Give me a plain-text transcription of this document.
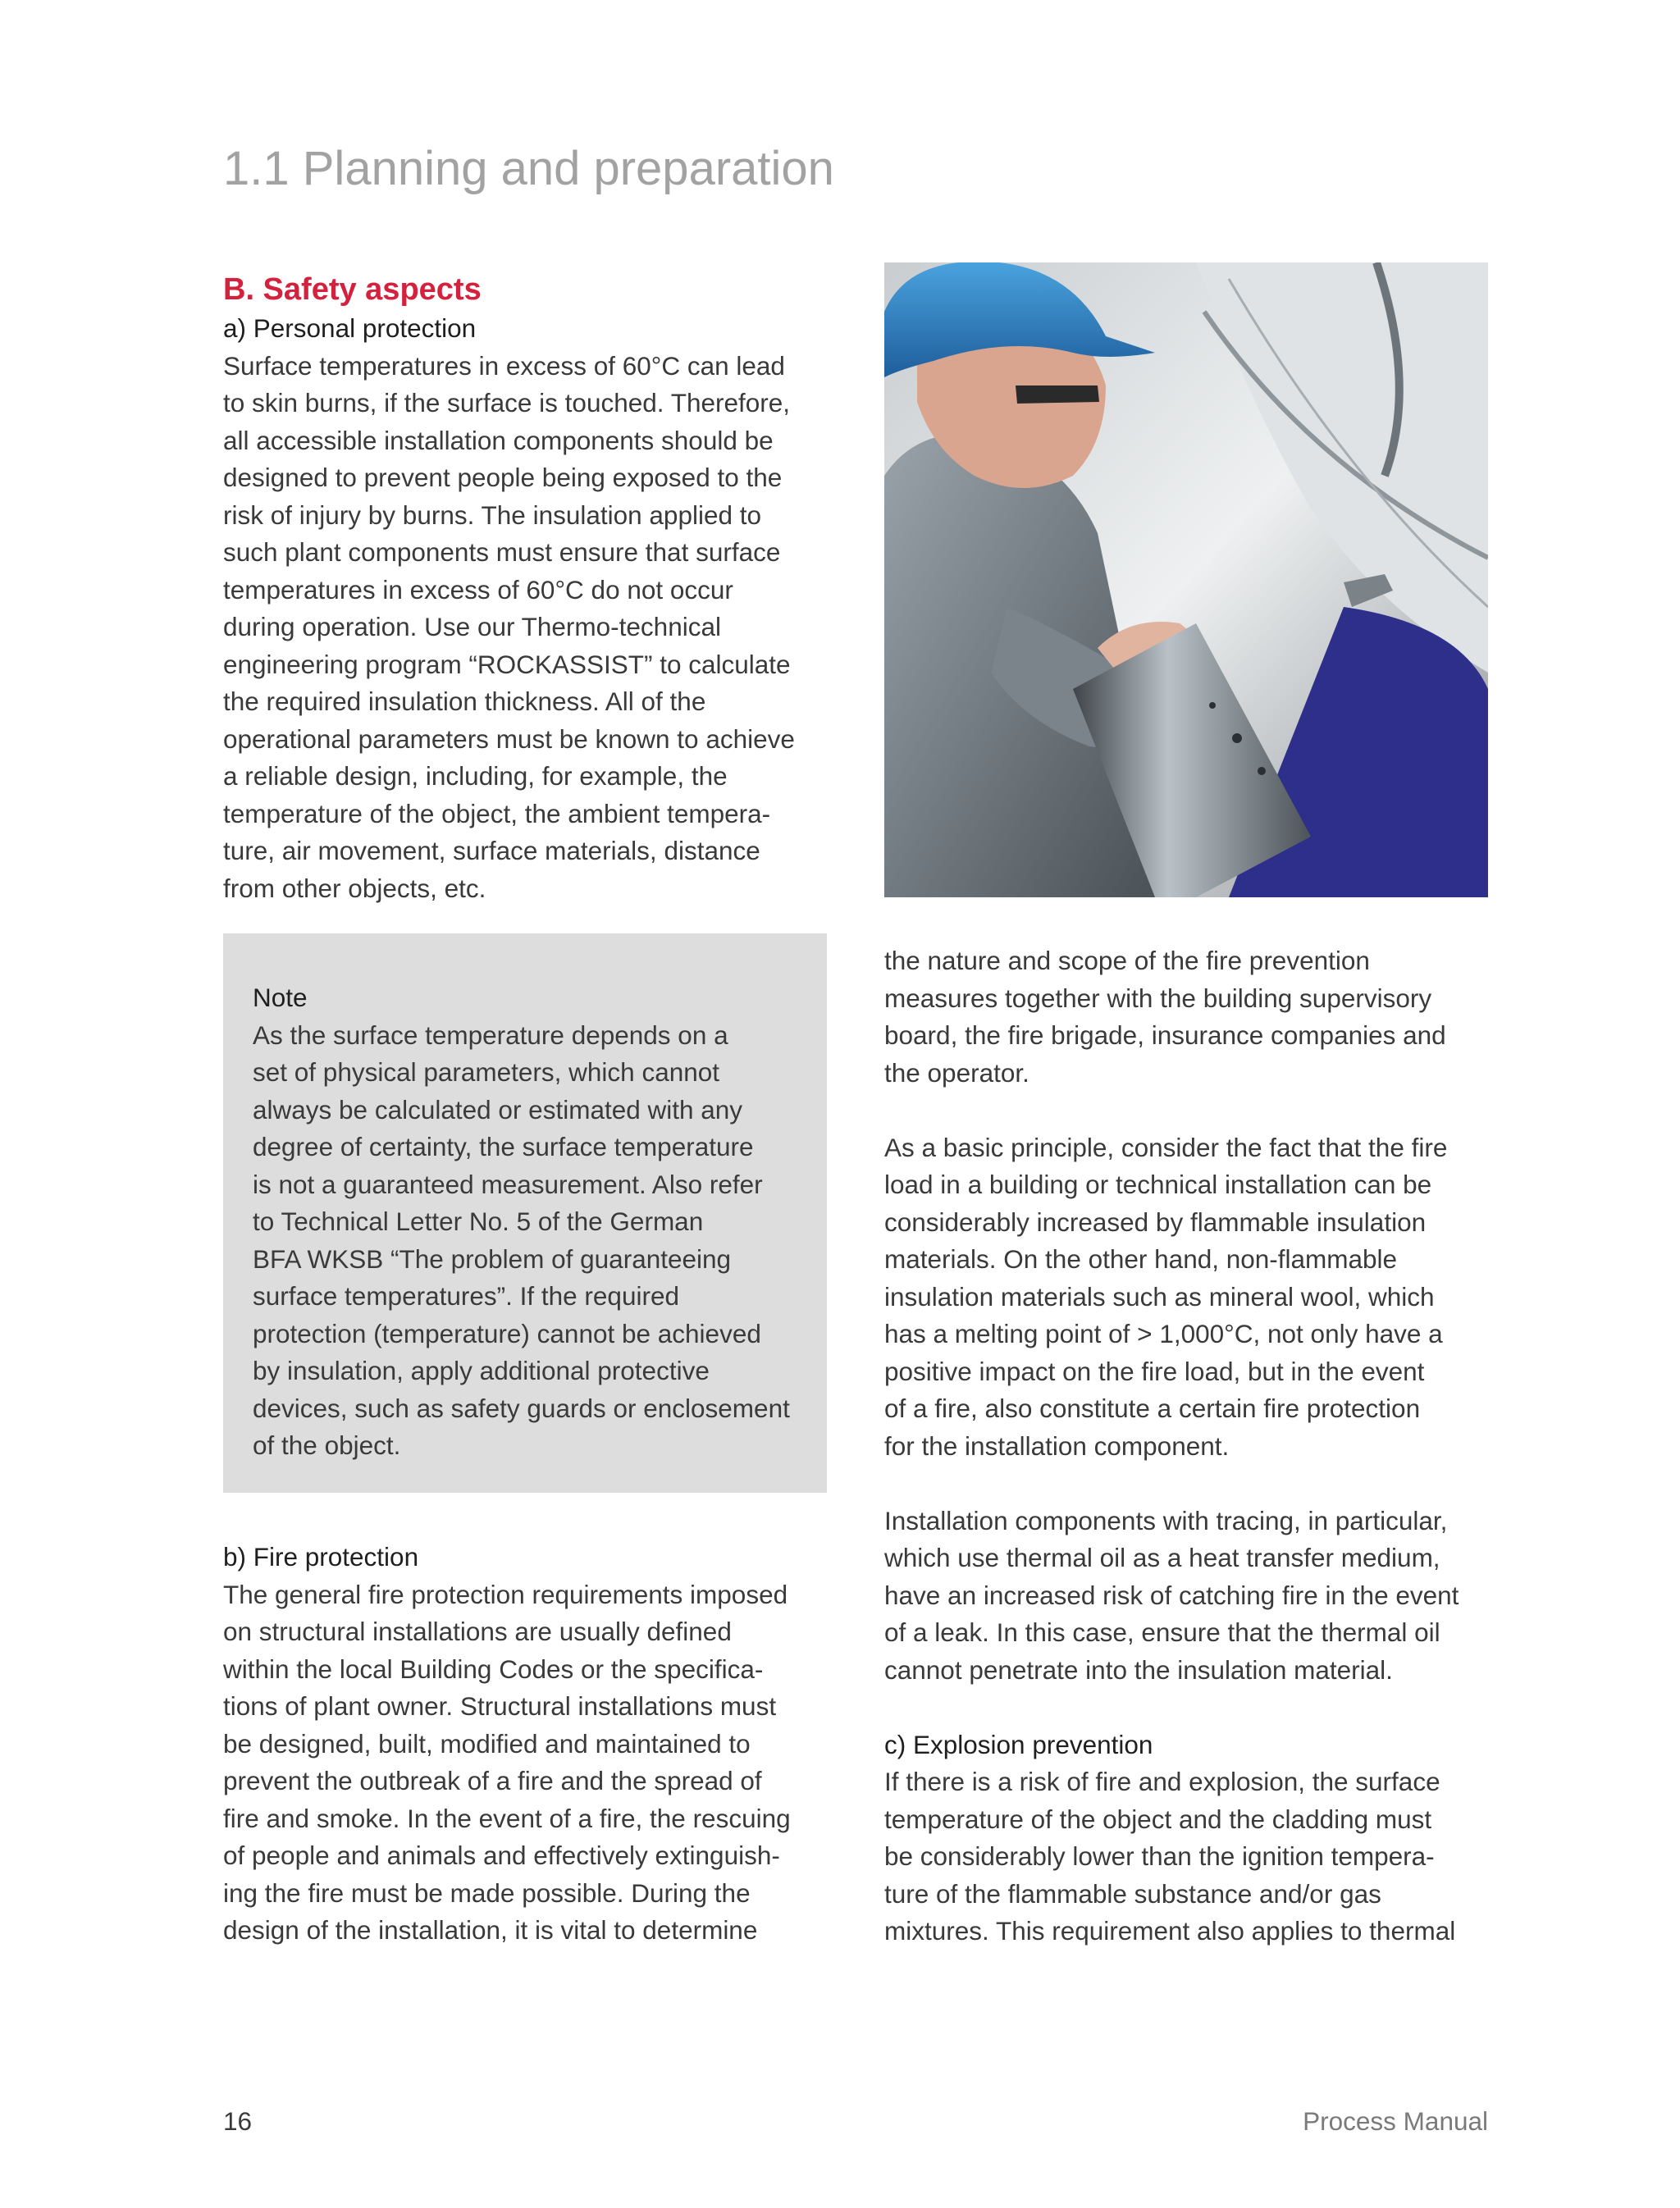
1.1 Planning and preparation
B. Safety aspects

a) Personal protection

Surface temperatures in excess of 60°C can lead
to skin burns, if the surface is touched. Therefore,
all accessible installation components should be
designed to prevent people being exposed to the
risk of injury by burns. The insulation applied to
such plant components must ensure that surface
temperatures in excess of 60°C do not occur
during operation. Use our Thermo-technical
engineering program “ROCKASSIST” to calculate
the required insulation thickness. All of the
operational parameters must be known to achieve
a reliable design, including, for example, the
temperature of the object, the ambient tempera-
ture, air movement, surface materials, distance
from other objects, etc.

Note

As the surface temperature depends on a
set of physical parameters, which cannot
always be calculated or estimated with any
degree of certainty, the surface temperature
is not a guaranteed measurement. Also refer
to Technical Letter No. 5 of the German
BFA WKSB “The problem of guaranteeing
surface temperatures”. If the required
protection (temperature) cannot be achieved
by insulation, apply additional protective
devices, such as safety guards or enclosement
of the object.

b) Fire protection

The general fire protection requirements imposed
on structural installations are usually defined
within the local Building Codes or the specifica-
tions of plant owner. Structural installations must
be designed, built, modified and maintained to
prevent the outbreak of a fire and the spread of
fire and smoke. In the event of a fire, the rescuing
of people and animals and effectively extinguish-
ing the fire must be made possible. During the
design of the installation, it is vital to determine

the nature and scope of the fire prevention
measures together with the building supervisory
board, the fire brigade, insurance companies and
the operator.

As a basic principle, consider the fact that the fire
load in a building or technical installation can be
considerably increased by flammable insulation
materials. On the other hand, non-flammable
insulation materials such as mineral wool, which
has a melting point of > 1,000°C, not only have a
positive impact on the fire load, but in the event
of a fire, also constitute a certain fire protection
for the installation component.

Installation components with tracing, in particular,
which use thermal oil as a heat transfer medium,
have an increased risk of catching fire in the event
of a leak. In this case, ensure that the thermal oil
cannot penetrate into the insulation material.

c) Explosion prevention

If there is a risk of fire and explosion, the surface
temperature of the object and the cladding must
be considerably lower than the ignition tempera-
ture of the flammable substance and/or gas
mixtures. This requirement also applies to thermal

16	Process Manual
